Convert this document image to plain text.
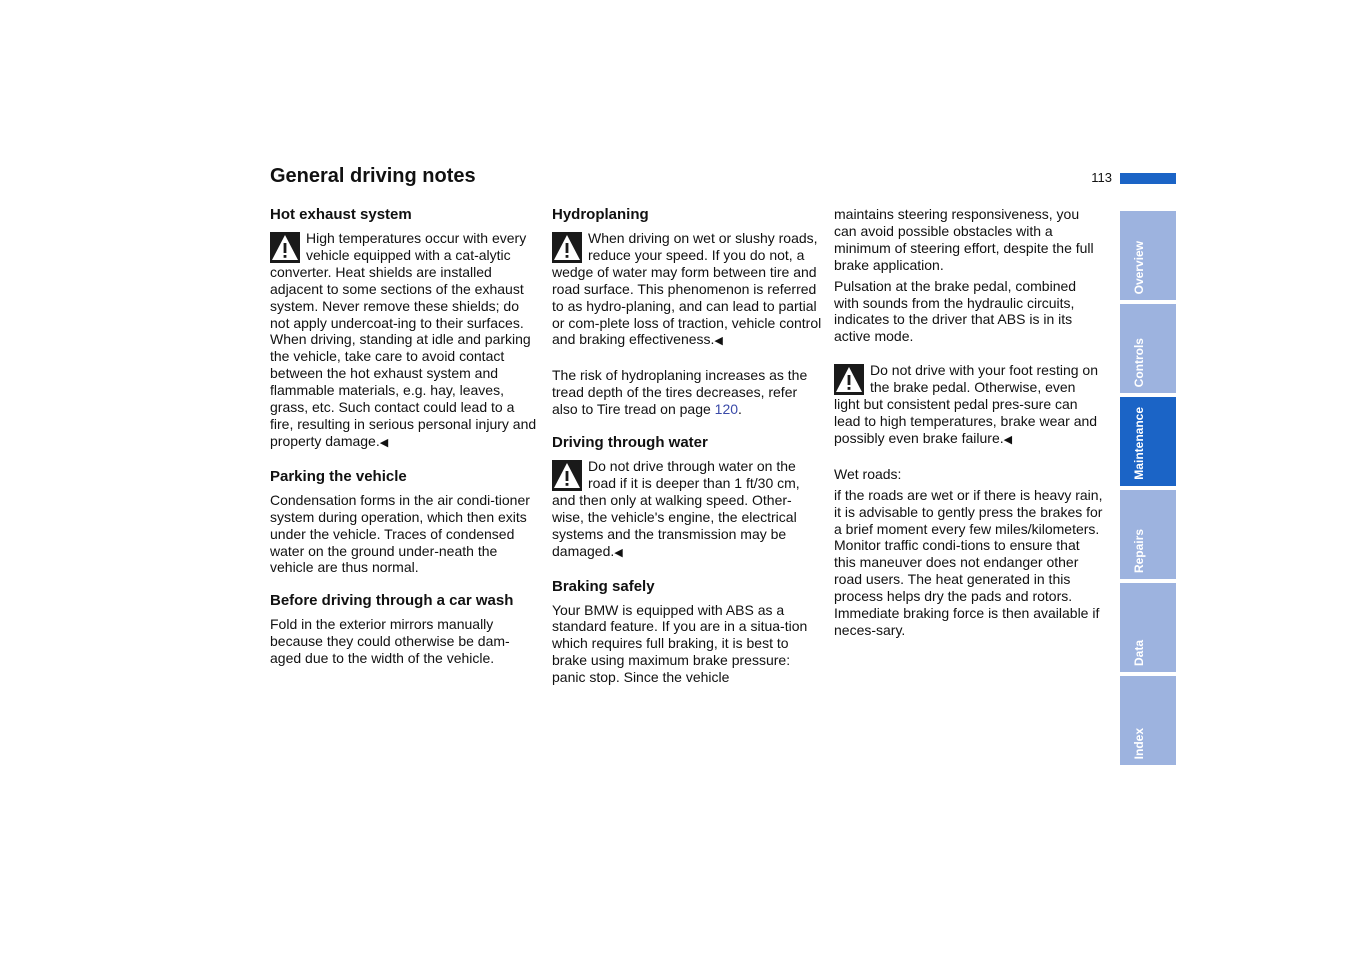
General driving notes	113
Hot exhaust system

High temperatures occur with every vehicle equipped with a cat-alytic converter. Heat shields are installed adjacent to some sections of the exhaust system. Never remove these shields; do not apply undercoat-ing to their surfaces. When driving, standing at idle and parking the vehicle, take care to avoid contact between the hot exhaust system and flammable materials, e.g. hay, leaves, grass, etc. Such contact could lead to a fire, resulting in serious personal injury and property damage.◀

Parking the vehicle

Condensation forms in the air condi-tioner system during operation, which then exits under the vehicle. Traces of condensed water on the ground under-neath the vehicle are thus normal.

Before driving through a car wash

Fold in the exterior mirrors manually because they could otherwise be dam-aged due to the width of the vehicle.

Hydroplaning

When driving on wet or slushy roads, reduce your speed. If you do not, a wedge of water may form between tire and road surface. This phenomenon is referred to as hydro-planing, and can lead to partial or com-plete loss of traction, vehicle control and braking effectiveness.◀

The risk of hydroplaning increases as the tread depth of the tires decreases, refer also to Tire tread on page 120.

Driving through water

Do not drive through water on the road if it is deeper than 1 ft/30 cm, and then only at walking speed. Other-wise, the vehicle's engine, the electrical systems and the transmission may be damaged.◀

Braking safely

Your BMW is equipped with ABS as a standard feature. If you are in a situa-tion which requires full braking, it is best to brake using maximum brake pressure: panic stop. Since the vehicle

maintains steering responsiveness, you can avoid possible obstacles with a minimum of steering effort, despite the full brake application.

Pulsation at the brake pedal, combined with sounds from the hydraulic circuits, indicates to the driver that ABS is in its active mode.

Do not drive with your foot resting on the brake pedal. Otherwise, even light but consistent pedal pres-sure can lead to high temperatures, brake wear and possibly even brake failure.◀

Wet roads:

if the roads are wet or if there is heavy rain, it is advisable to gently press the brakes for a brief moment every few miles/kilometers. Monitor traffic condi-tions to ensure that this maneuver does not endanger other road users. The heat generated in this process helps dry the pads and rotors. Immediate braking force is then available if neces-sary.

Overview
Controls
Maintenance
Repairs
Data
Index
